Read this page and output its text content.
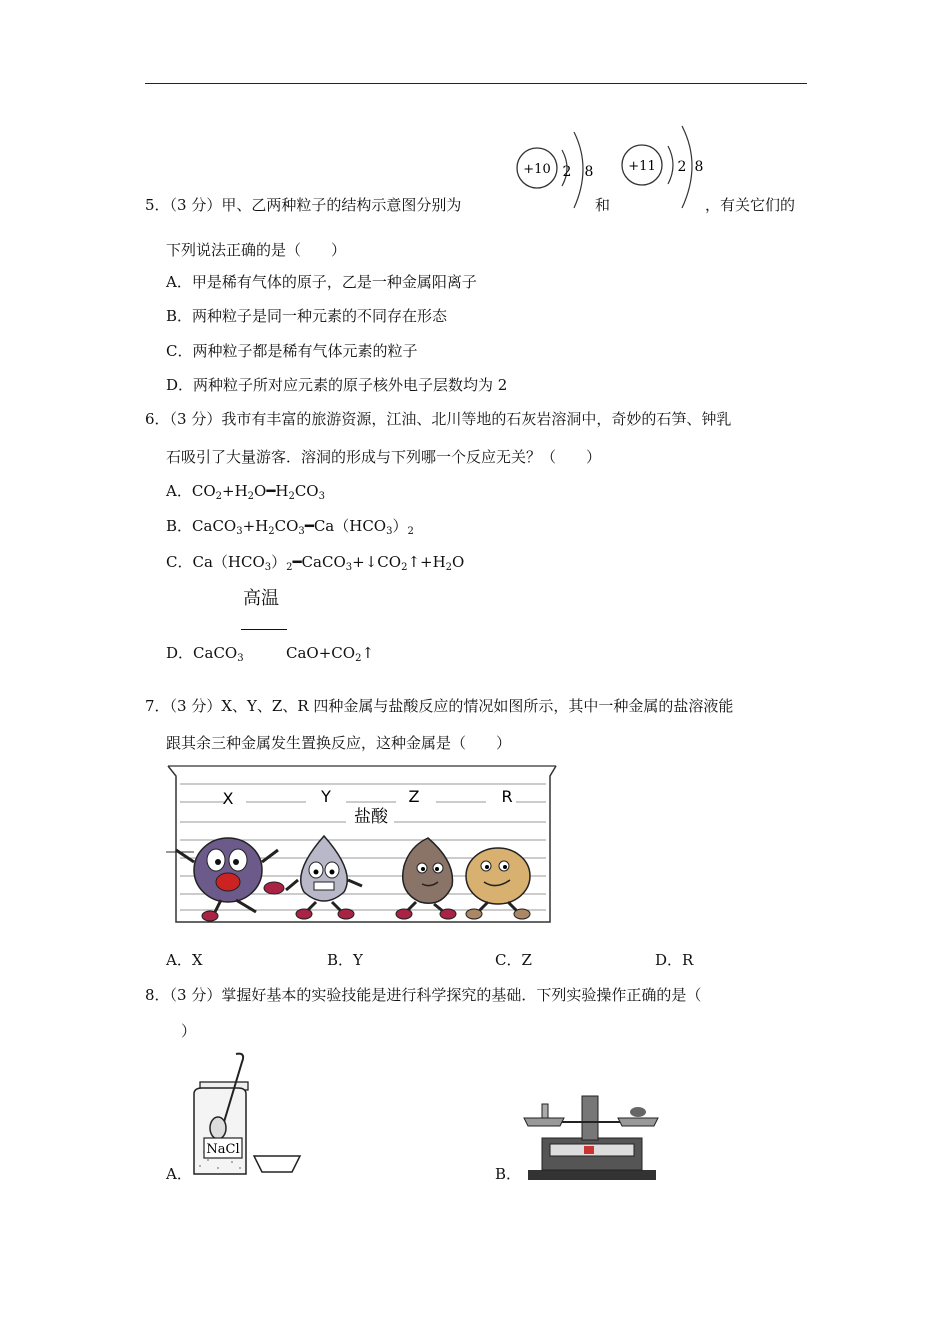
5．（3 分）甲、乙两种粒子的结构示意图分别为
+10 2 8
和
+11 2 8
，有关它们的
下列说法正确的是（　　）
A．甲是稀有气体的原子，乙是一种金属阳离子
B．两种粒子是同一种元素的不同存在形态
C．两种粒子都是稀有气体元素的粒子
D．两种粒子所对应元素的原子核外电子层数均为 2
6．（3 分）我市有丰富的旅游资源，江油、北川等地的石灰岩溶洞中，奇妙的石笋、钟乳
石吸引了大量游客．溶洞的形成与下列哪一个反应无关？（　　）
A．$CO_2+H_2O━H_2CO_3$
B．$CaCO_3+H_2CO_3━Ca(HCO_3)_2$
C．$Ca(HCO_3)_2━CaCO_3+↓CO_2↑+H_2O$
高温
D．CaCO$_3$	$CaO+CO_2↑$
7．（3 分）X、Y、Z、R 四种金属与盐酸反应的情况如图所示，其中一种金属的盐溶液能
跟其余三种金属发生置换反应，这种金属是（　　）
X	Y	Z	R
盐酸
A．X	B．Y	C．Z	D．R
8．（3 分）掌握好基本的实验技能是进行科学探究的基础．下列实验操作正确的是（
）
NaCl
A．	B．
